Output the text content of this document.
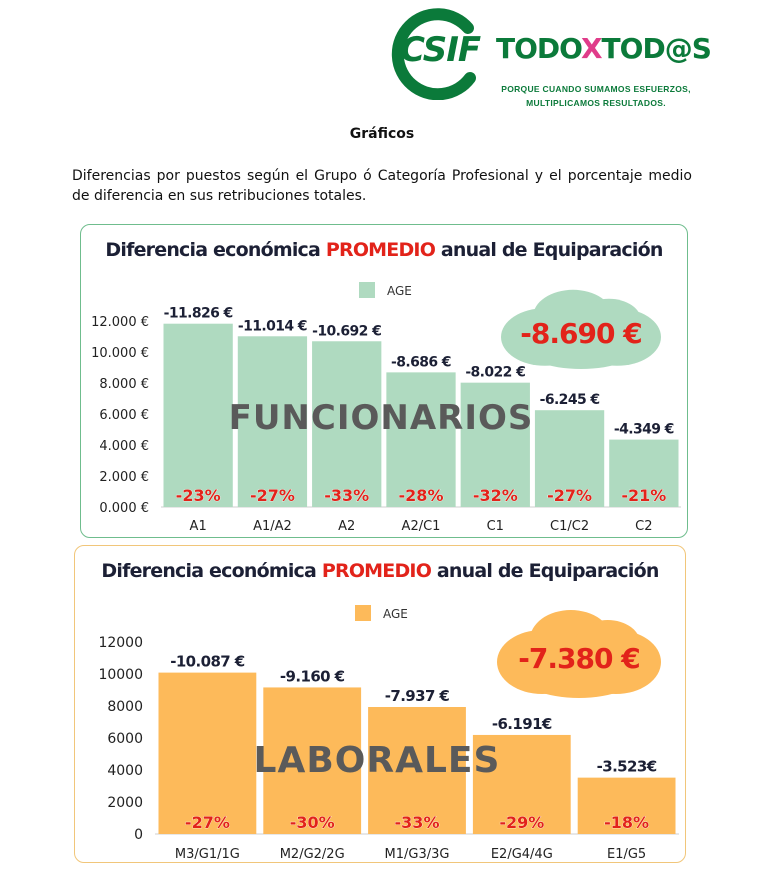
CSIF TODOXTOD@S
PORQUE CUANDO SUMAMOS ESFUERZOS,
MULTIPLICAMOS RESULTADOS.
Gráficos

Diferencias por puestos según el Grupo ó Categoría Profesional y el porcentaje medio de diferencia en sus retribuciones totales.

Diferencia económica PROMEDIO anual de Equiparación
AGE
0.000 €
2.000 €
4.000 €
6.000 €
8.000 €
10.000 €
12.000 €
-11.826 €
-23%
A1
-11.014 €
-27%
A1/A2
-10.692 €
-33%
A2
-8.686 €
-28%
A2/C1
-8.022 €
-32%
C1
-6.245 €
-27%
C1/C2
-4.349 €
-21%
C2
FUNCIONARIOS
-8.690 €
Diferencia económica PROMEDIO anual de Equiparación
AGE
0
2000
4000
6000
8000
10000
12000
-10.087 €
-27%
M3/G1/1G
-9.160 €
-30%
M2/G2/2G
-7.937 €
-33%
M1/G3/3G
-6.191€
-29%
E2/G4/4G
-3.523€
-18%
E1/G5
LABORALES
-7.380 €
